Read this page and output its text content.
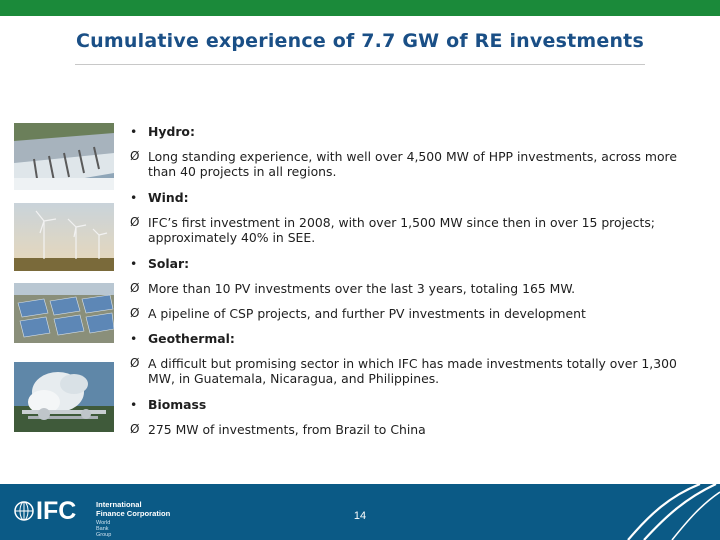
Cumulative experience of 7.7 GW of RE investments
• Hydro:
Ø Long standing experience, with well over 4,500 MW of HPP investments, across more
than 40 projects in all regions.
• Wind:
Ø IFC’s first investment in 2008, with over 1,500 MW since then in over 15 projects;
approximately 40% in SEE.
• Solar:
Ø More than 10 PV investments over the last 3 years, totaling 165 MW.
Ø A pipeline of CSP projects, and further PV investments in development
• Geothermal:
Ø A difficult but promising sector in which IFC has made investments totally over 1,300
MW, in Guatemala, Nicaragua, and Philippines.
• Biomass
Ø 275 MW of investments, from Brazil to China
IFC	International
Finance Corporation
World Bank Group
14
